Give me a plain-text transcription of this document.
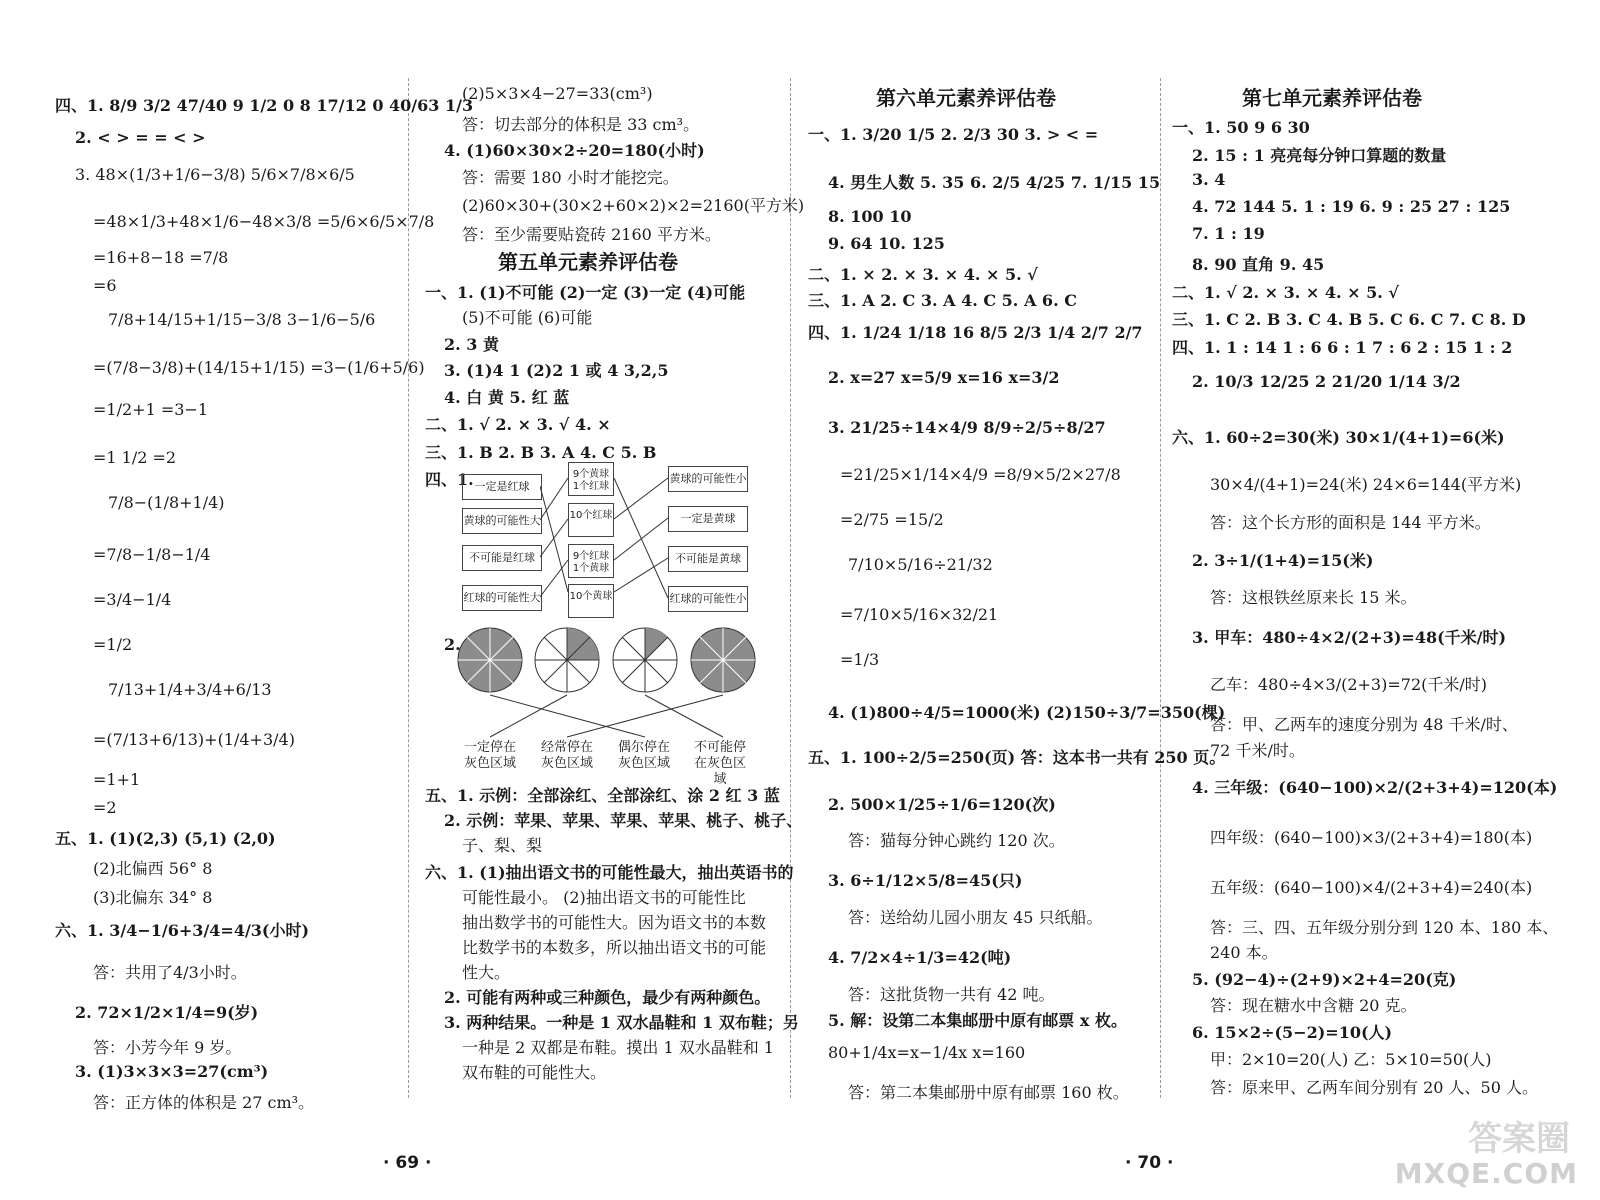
四、1. 8/9 3/2 47/40 9 1/2 0 8 17/12 0 40/63 1/3
2. < > = = < >
3. 48×(1/3+1/6−3/8) 5/6×7/8×6/5
=48×1/3+48×1/6−48×3/8 =5/6×6/5×7/8
=16+8−18 =7/8
=6
7/8+14/15+1/15−3/8 3−1/6−5/6
=(7/8−3/8)+(14/15+1/15) =3−(1/6+5/6)
=1/2+1 =3−1
=1 1/2 =2
7/8−(1/8+1/4)
=7/8−1/8−1/4
=3/4−1/4
=1/2
7/13+1/4+3/4+6/13
=(7/13+6/13)+(1/4+3/4)
=1+1
=2
五、1. (1)(2,3) (5,1) (2,0)
(2)北偏西 56° 8
(3)北偏东 34° 8
六、1. 3/4−1/6+3/4=4/3(小时)
答：共用了4/3小时。
2. 72×1/2×1/4=9(岁)
答：小芳今年 9 岁。
3. (1)3×3×3=27(cm³)
答：正方体的体积是 27 cm³。
(2)5×3×4−27=33(cm³)
答：切去部分的体积是 33 cm³。
4. (1)60×30×2÷20=180(小时)
答：需要 180 小时才能挖完。
(2)60×30+(30×2+60×2)×2=2160(平方米)
答：至少需要贴瓷砖 2160 平方米。
第五单元素养评估卷
一、1. (1)不可能 (2)一定 (3)一定 (4)可能
(5)不可能 (6)可能
2. 3 黄
3. (1)4 1 (2)2 1 或 4 3,2,5
4. 白 黄 5. 红 蓝
二、1. √ 2. × 3. √ 4. ×
三、1. B 2. B 3. A 4. C 5. B
四、1.
2.
一定是红球
黄球的可能性大
不可能是红球
红球的可能性大
9个黄球 1个红球
10个红球
9个红球 1个黄球
10个黄球
黄球的可能性小
一定是黄球
不可能是黄球
红球的可能性小
一定停在灰色区域
经常停在灰色区域
偶尔停在灰色区域
不可能停在灰色区域
五、1. 示例：全部涂红、全部涂红、涂 2 红 3 蓝
2. 示例：苹果、苹果、苹果、苹果、桃子、桃子、
子、梨、梨
六、1. (1)抽出语文书的可能性最大，抽出英语书的
可能性最小。 (2)抽出语文书的可能性比
抽出数学书的可能性大。因为语文书的本数
比数学书的本数多，所以抽出语文书的可能
性大。
2. 可能有两种或三种颜色，最少有两种颜色。
3. 两种结果。一种是 1 双水晶鞋和 1 双布鞋；另
一种是 2 双都是布鞋。摸出 1 双水晶鞋和 1
双布鞋的可能性大。
第六单元素养评估卷
一、1. 3/20 1/5 2. 2/3 30 3. > < =
4. 男生人数 5. 35 6. 2/5 4/25 7. 1/15 15
8. 100 10
9. 64 10. 125
二、1. × 2. × 3. × 4. × 5. √
三、1. A 2. C 3. A 4. C 5. A 6. C
四、1. 1/24 1/18 16 8/5 2/3 1/4 2/7 2/7
2. x=27 x=5/9 x=16 x=3/2
3. 21/25÷14×4/9 8/9÷2/5÷8/27
=21/25×1/14×4/9 =8/9×5/2×27/8
=2/75 =15/2
7/10×5/16÷21/32
=7/10×5/16×32/21
=1/3
4. (1)800÷4/5=1000(米) (2)150÷3/7=350(棵)
五、1. 100÷2/5=250(页) 答：这本书一共有 250 页。
2. 500×1/25÷1/6=120(次)
答：猫每分钟心跳约 120 次。
3. 6÷1/12×5/8=45(只)
答：送给幼儿园小朋友 45 只纸船。
4. 7/2×4÷1/3=42(吨)
答：这批货物一共有 42 吨。
5. 解：设第二本集邮册中原有邮票 x 枚。
80+1/4x=x−1/4x x=160
答：第二本集邮册中原有邮票 160 枚。
第七单元素养评估卷
一、1. 50 9 6 30
2. 15 : 1 亮亮每分钟口算题的数量
3. 4
4. 72 144 5. 1 : 19 6. 9 : 25 27 : 125
7. 1 : 19
8. 90 直角 9. 45
二、1. √ 2. × 3. × 4. × 5. √
三、1. C 2. B 3. C 4. B 5. C 6. C 7. C 8. D
四、1. 1 : 14 1 : 6 6 : 1 7 : 6 2 : 15 1 : 2
2. 10/3 12/25 2 21/20 1/14 3/2
六、1. 60÷2=30(米) 30×1/(4+1)=6(米)
30×4/(4+1)=24(米) 24×6=144(平方米)
答：这个长方形的面积是 144 平方米。
2. 3÷1/(1+4)=15(米)
答：这根铁丝原来长 15 米。
3. 甲车：480÷4×2/(2+3)=48(千米/时)
乙车：480÷4×3/(2+3)=72(千米/时)
答：甲、乙两车的速度分别为 48 千米/时、
72 千米/时。
4. 三年级：(640−100)×2/(2+3+4)=120(本)
四年级：(640−100)×3/(2+3+4)=180(本)
五年级：(640−100)×4/(2+3+4)=240(本)
答：三、四、五年级分别分到 120 本、180 本、
240 本。
5. (92−4)÷(2+9)×2+4=20(克)
答：现在糖水中含糖 20 克。
6. 15×2÷(5−2)=10(人)
甲：2×10=20(人) 乙：5×10=50(人)
答：原来甲、乙两车间分别有 20 人、50 人。
· 69 ·	· 70 ·
答案圈
MXQE.COM
